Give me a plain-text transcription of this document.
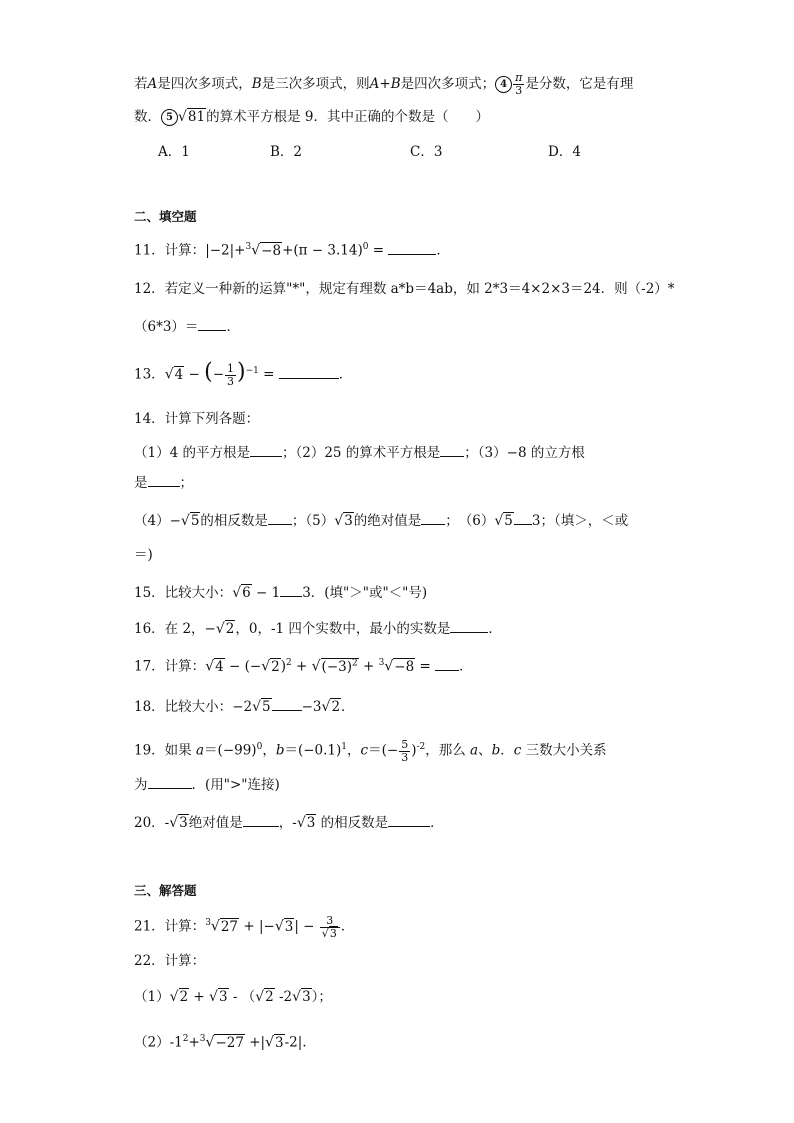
若A是四次多项式，B是三次多项式，则A+B是四次多项式； $4 \frac{\pi}{3}$ 是分数，它是有理
数． 5 √81的算术平方根是 9．其中正确的个数是（　　）
A．1	B．2	C．3	D．4
二、填空题
11．计算：$|-2|+^3√-8+(\pi - 3.14)^0$ =	．
12．若定义一种新的运算"*"，规定有理数 a*b＝4ab，如 2*3＝4×2×3＝24．则（-2）*
（6*3）＝ ．
13．√4 − (− $\frac{1}{3} )^{-1}$ =	．
14．计算下列各题：
（1）4 的平方根是 ；（2）25 的算术平方根是 ；（3）−8 的立方根
是 ；
（4）−√5的相反数是 ；（5）√3的绝对值是 ；　（6）√5 3；（填＞，＜或
＝)
15．比较大小：√6 − 1 3．(填"＞"或"＜"号)
16．在 2，−√2，0，-1 四个实数中，最小的实数是	．
17．计算：$√4 - (-√2)^2 + √(-3)^2 + ^3√-8$ = ．
18．比较大小：−2√5 −3√2．
19．如果 $a=(-99)^0$，$b=(-0.1)^1$，$c=(- \frac{5}{3} )^{-2}$，那么 a、b．c 三数大小关系
为	．(用">"连接)
20．-√3绝对值是	，-√3 的相反数是	．
三、解答题
21．计算：$^3√27 + |-√3| - \frac{3}{√3}$ ．
22．计算：
（1）√2 + √3 - （√2 -2√3）；
$(2)-1^2+^3√-27 +|√3-2|$．
